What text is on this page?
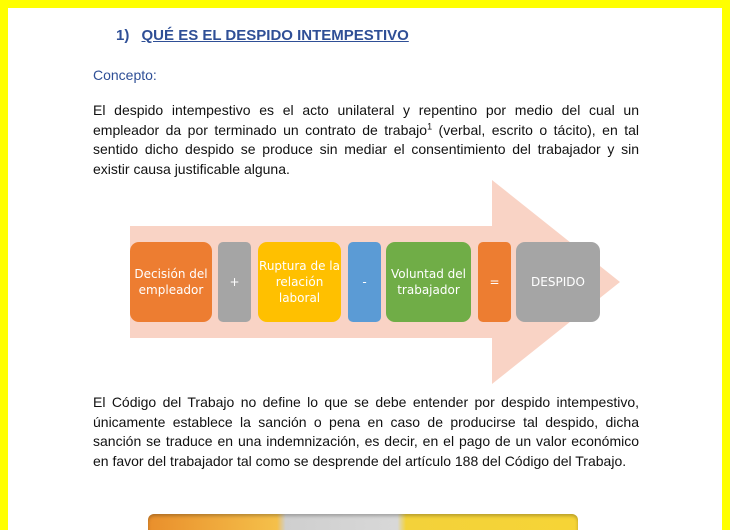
1) QUÉ ES EL DESPIDO INTEMPESTIVO
Concepto:

El despido intempestivo es el acto unilateral y repentino por medio del cual un empleador da por terminado un contrato de trabajo$^1$ (verbal, escrito o tácito), en tal sentido dicho despido se produce sin mediar el consentimiento del trabajador y sin existir causa justificable alguna.

Decisión del empleador
+
Ruptura de la relación laboral
-
Voluntad del trabajador
=	DESPIDO

El Código del Trabajo no define lo que se debe entender por despido intempestivo, únicamente establece la sanción o pena en caso de producirse tal despido, dicha sanción se traduce en una indemnización, es decir, en el pago de un valor económico en favor del trabajador tal como se desprende del artículo 188 del Código del Trabajo.
